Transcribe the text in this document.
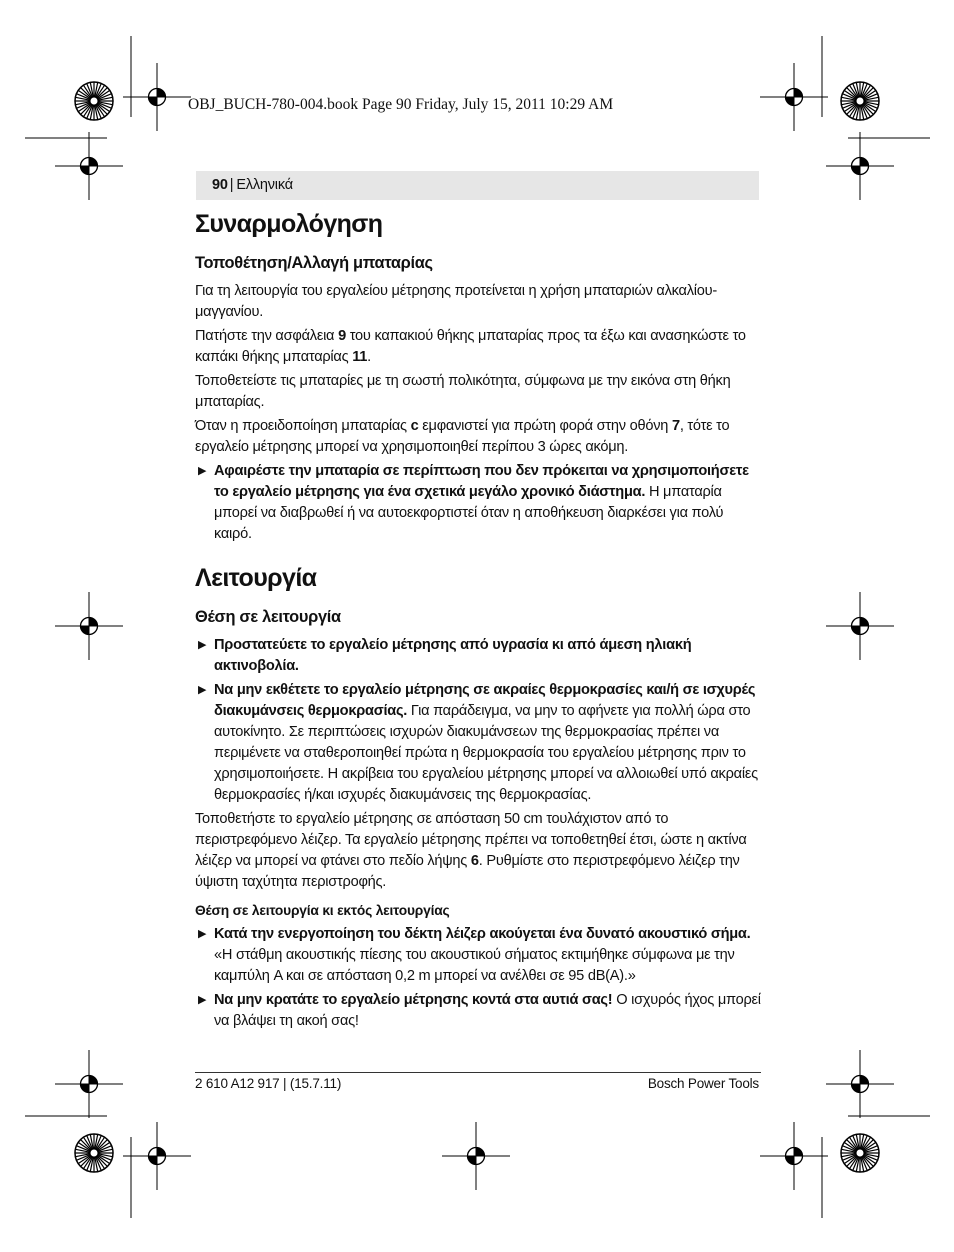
OBJ_BUCH-780-004.book Page 90 Friday, July 15, 2011 10:29 AM
90 | Ελληνικά
Συναρμολόγηση
Τοποθέτηση/Αλλαγή μπαταρίας

Για τη λειτουργία του εργαλείου μέτρησης προτείνεται η χρήση μπαταριών αλκαλίου-μαγγανίου.

Πατήστε την ασφάλεια 9 του καπακιού θήκης μπαταρίας προς τα έξω και ανασηκώστε το καπάκι θήκης μπαταρίας 11.

Τοποθετείστε τις μπαταρίες με τη σωστή πολικότητα, σύμφωνα με την εικόνα στη θήκη μπαταρίας.

Όταν η προειδοποίηση μπαταρίας c εμφανιστεί για πρώτη φορά στην οθόνη 7, τότε το εργαλείο μέτρησης μπορεί να χρησιμοποιηθεί περίπου 3 ώρες ακόμη.

▶ Αφαιρέστε την μπαταρία σε περίπτωση που δεν πρόκειται να χρησιμοποιήσετε το εργαλείο μέτρησης για ένα σχετικά μεγάλο χρονικό διάστημα. Η μπαταρία μπορεί να διαβρωθεί ή να αυτοεκφορτιστεί όταν η αποθήκευση διαρκέσει για πολύ καιρό.
Λειτουργία
Θέση σε λειτουργία
▶ Προστατεύετε το εργαλείο μέτρησης από υγρασία κι από άμεση ηλιακή ακτινοβολία.
▶ Να μην εκθέτετε το εργαλείο μέτρησης σε ακραίες θερμοκρασίες και/ή σε ισχυρές διακυμάνσεις θερμοκρασίας. Για παράδειγμα, να μην το αφήνετε για πολλή ώρα στο αυτοκίνητο. Σε περιπτώσεις ισχυρών διακυμάνσεων της θερμοκρασίας πρέπει να περιμένετε να σταθεροποιηθεί πρώτα η θερμοκρασία του εργαλείου μέτρησης πριν το χρησιμοποιήσετε. Η ακρίβεια του εργαλείου μέτρησης μπορεί να αλλοιωθεί υπό ακραίες θερμοκρασίες ή/και ισχυρές διακυμάνσεις της θερμοκρασίας.

Τοποθετήστε το εργαλείο μέτρησης σε απόσταση 50 cm τουλάχιστον από το περιστρεφόμενο λέιζερ. Τα εργαλείο μέτρησης πρέπει να τοποθετηθεί έτσι, ώστε η ακτίνα λέιζερ να μπορεί να φτάνει στο πεδίο λήψης 6. Ρυθμίστε στο περιστρεφόμενο λέιζερ την ύψιστη ταχύτητα περιστροφής.

Θέση σε λειτουργία κι εκτός λειτουργίας
▶ Κατά την ενεργοποίηση του δέκτη λέιζερ ακούγεται ένα δυνατό ακουστικό σήμα. «Η στάθμη ακουστικής πίεσης του ακουστικού σήματος εκτιμήθηκε σύμφωνα με την καμπύλη A και σε απόσταση 0,2 m μπορεί να ανέλθει σε 95 dB(A).»
▶ Να μην κρατάτε το εργαλείο μέτρησης κοντά στα αυτιά σας! Ο ισχυρός ήχος μπορεί να βλάψει τη ακοή σας!
2 610 A12 917 | (15.7.11)	Bosch Power Tools
